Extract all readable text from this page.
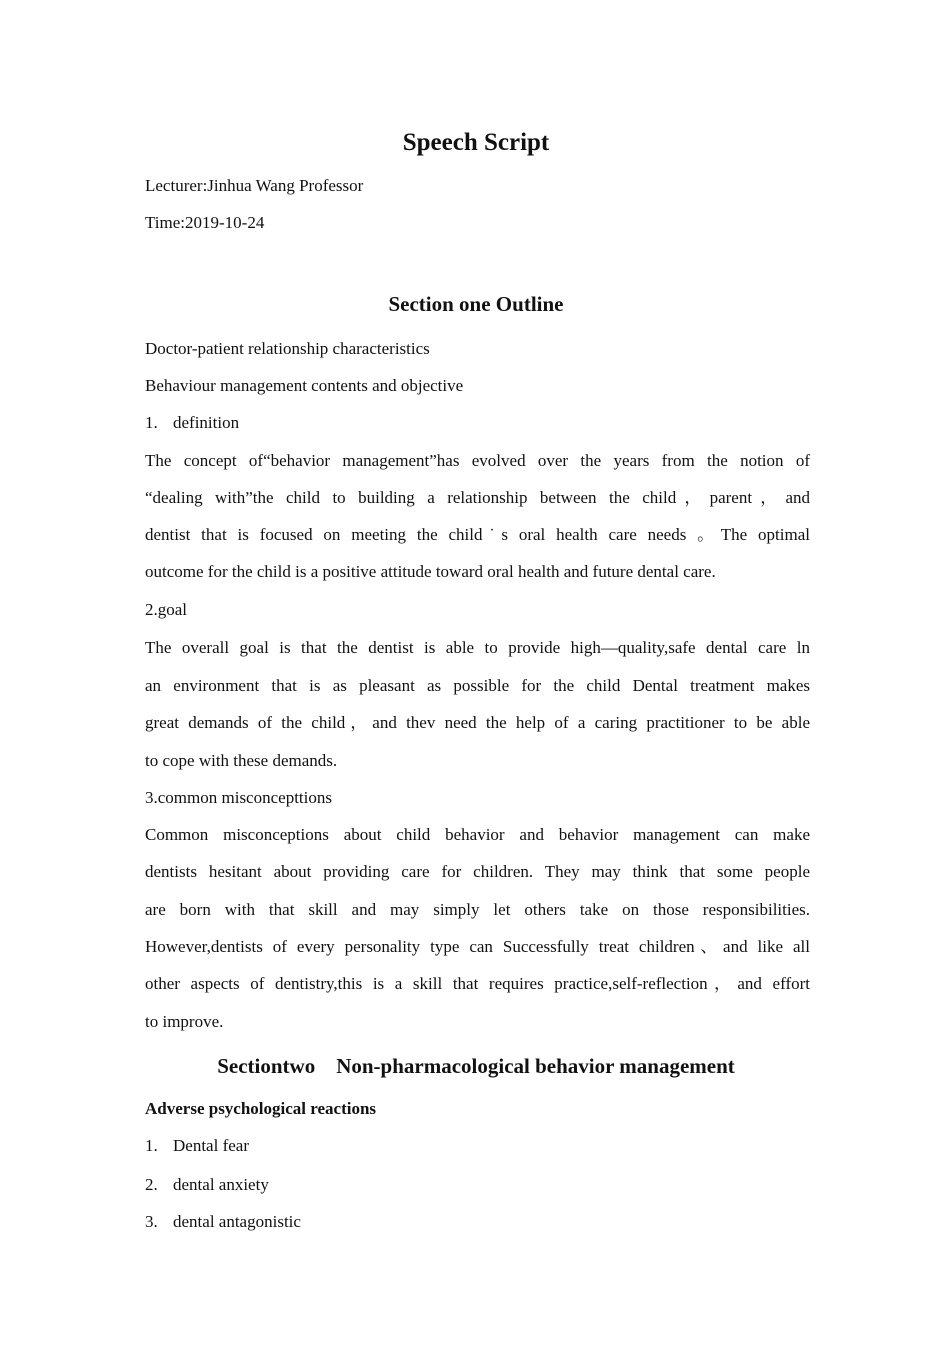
Speech Script
Lecturer:Jinhua Wang Professor
Time:2019-10-24
Section one Outline
Doctor-patient relationship characteristics
Behaviour management contents and objective
1. definition
The concept of“behavior management”has evolved over the years from the notion of
“dealing with”the child to building a relationship between the child，parent，and
dentist that is focused on meeting the child˙s oral health care needs 。The optimal
outcome for the child is a positive attitude toward oral health and future dental care.
2.goal
The overall goal is that the dentist is able to provide high—quality,safe dental care ln
an environment that is as pleasant as possible for the child Dental treatment makes
great demands of the child，and thev need the help of a caring practitioner to be able
to cope with these demands.
3.common misconcepttions
Common misconceptions about child behavior and behavior management can make
dentists hesitant about providing care for children. They may think that some people
are born with that skill and may simply let others take on those responsibilities.
However,dentists of every personality type can Successfully treat children、and like all
other aspects of dentistry,this is a skill that requires practice,self-reflection，and effort
to improve.
Sectiontwo    Non-pharmacological behavior management
Adverse psychological reactions
1. Dental fear
2. dental anxiety
3. dental antagonistic
